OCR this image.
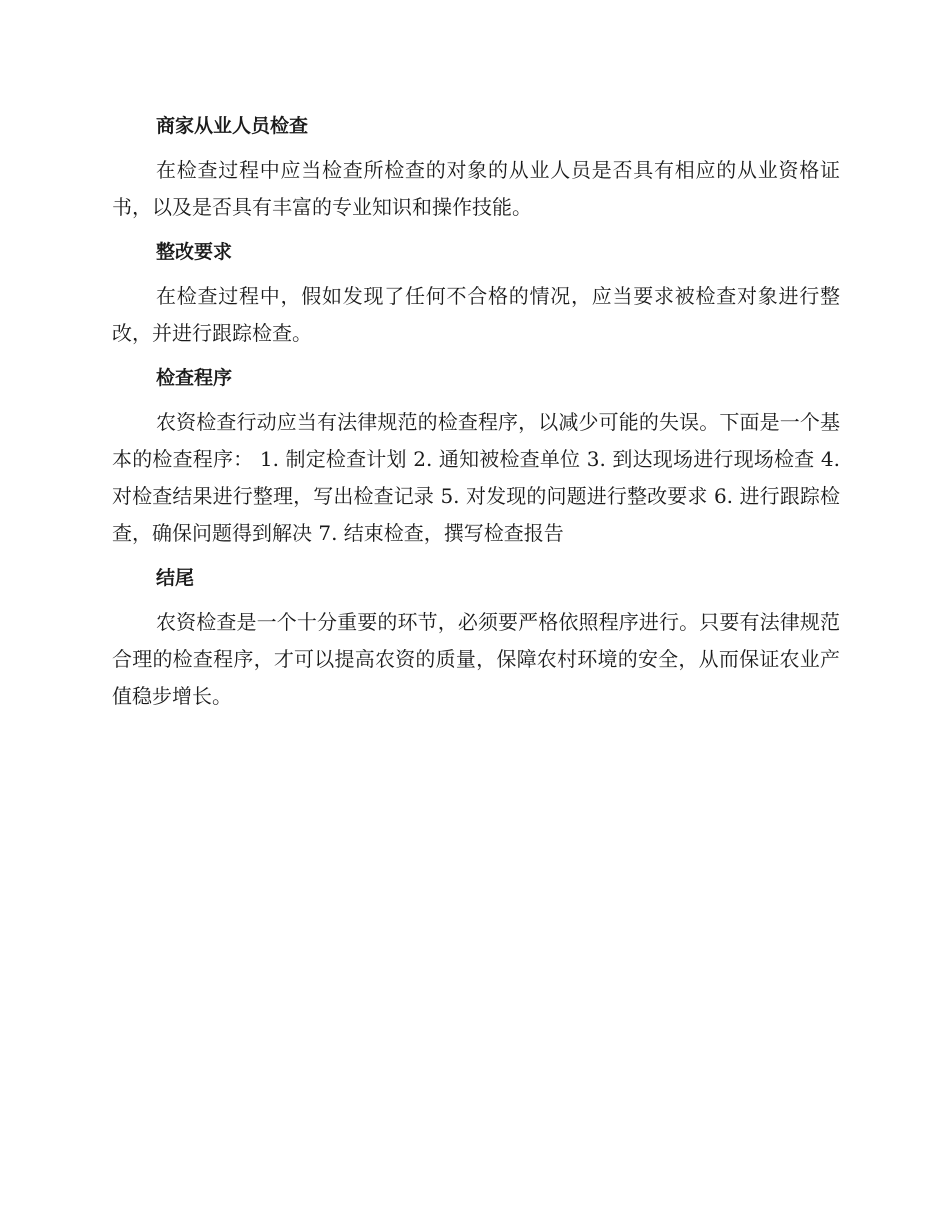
商家从业人员检查

在检查过程中应当检查所检查的对象的从业人员是否具有相应的从业资格证书，以及是否具有丰富的专业知识和操作技能。

整改要求

在检查过程中，假如发现了任何不合格的情况，应当要求被检查对象进行整改，并进行跟踪检查。

检查程序

农资检查行动应当有法律规范的检查程序，以减少可能的失误。下面是一个基本的检查程序： 1. 制定检查计划 2. 通知被检查单位 3. 到达现场进行现场检查 4. 对检查结果进行整理，写出检查记录 5. 对发现的问题进行整改要求 6. 进行跟踪检查，确保问题得到解决 7. 结束检查，撰写检查报告

结尾

农资检查是一个十分重要的环节，必须要严格依照程序进行。只要有法律规范合理的检查程序，才可以提高农资的质量，保障农村环境的安全，从而保证农业产值稳步增长。
